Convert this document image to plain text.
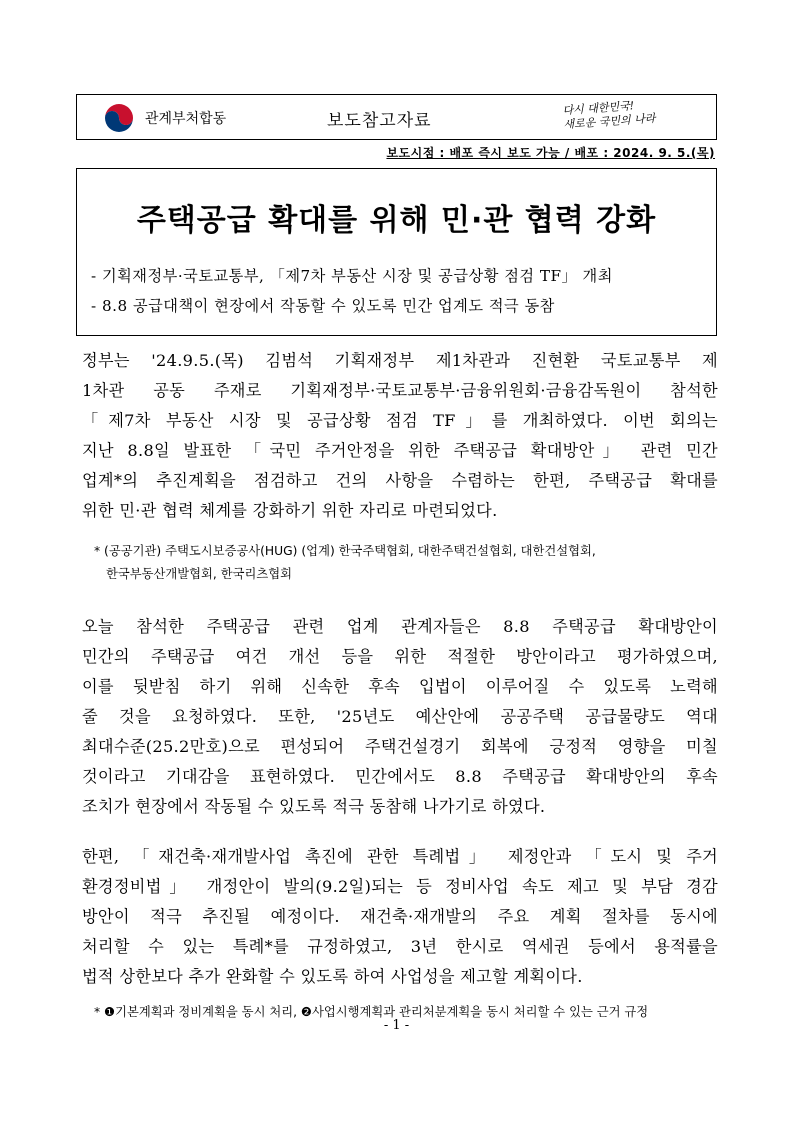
관계부처합동	보도참고자료
다시 대한민국!
새로운 국민의 나라
보도시점 : 배포 즉시 보도 가능 / 배포 : 2024. 9. 5.(목)
주택공급 확대를 위해 민·관 협력 강화
- 기획재정부·국토교통부, 「제7차 부동산 시장 및 공급상황 점검 TF」 개최
- 8.8 공급대책이 현장에서 작동할 수 있도록 민간 업계도 적극 동참
정부는 '24.9.5.(목) 김범석 기획재정부 제1차관과 진현환 국토교통부 제
1차관 공동 주재로 기획재정부·국토교통부·금융위원회·금융감독원이 참석한
「제7차 부동산 시장 및 공급상황 점검 TF」를 개최하였다. 이번 회의는
지난 8.8일 발표한 「국민 주거안정을 위한 주택공급 확대방안」 관련 민간
업계*의 추진계획을 점검하고 건의 사항을 수렴하는 한편, 주택공급 확대를
위한 민·관 협력 체계를 강화하기 위한 자리로 마련되었다.
* (공공기관) 주택도시보증공사(HUG) (업계) 한국주택협회, 대한주택건설협회, 대한건설협회,
한국부동산개발협회, 한국리츠협회
오늘 참석한 주택공급 관련 업계 관계자들은 8.8 주택공급 확대방안이
민간의 주택공급 여건 개선 등을 위한 적절한 방안이라고 평가하였으며,
이를 뒷받침 하기 위해 신속한 후속 입법이 이루어질 수 있도록 노력해
줄 것을 요청하였다. 또한, '25년도 예산안에 공공주택 공급물량도 역대
최대수준(25.2만호)으로 편성되어 주택건설경기 회복에 긍정적 영향을 미칠
것이라고 기대감을 표현하였다. 민간에서도 8.8 주택공급 확대방안의 후속
조치가 현장에서 작동될 수 있도록 적극 동참해 나가기로 하였다.
한편, 「재건축·재개발사업 촉진에 관한 특례법」 제정안과 「도시 및 주거
환경정비법」 개정안이 발의(9.2일)되는 등 정비사업 속도 제고 및 부담 경감
방안이 적극 추진될 예정이다. 재건축·재개발의 주요 계획 절차를 동시에
처리할 수 있는 특례*를 규정하였고, 3년 한시로 역세권 등에서 용적률을
법적 상한보다 추가 완화할 수 있도록 하여 사업성을 제고할 계획이다.
* ❶기본계획과 정비계획을 동시 처리, ❷사업시행계획과 관리처분계획을 동시 처리할 수 있는 근거 규정
- 1 -
